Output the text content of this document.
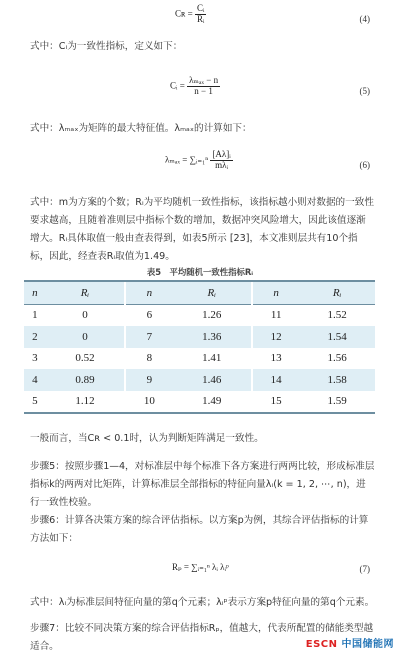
Cʀ = $\frac{\text{Cᵢ}}{\text{Rᵢ}}$	(4)
式中：Cᵢ为一致性指标，定义如下：
Cᵢ = $\frac{\text{λₘₐₓ − n}}{n - 1}$	(5)
式中：λₘₐₓ为矩阵的最大特征值。λₘₐₓ的计算如下：
λₘₐₓ = ∑ᵢ₌₁ⁿ $\frac{\text{[Aλ]ᵢ}}{\text{mλᵢ}}$	(6)
式中：m为方案的个数；Rᵢ为平均随机一致性指标，该指标越小则对数据的一致性要求越高，且随着准则层中指标个数的增加，数据冲突风险增大，因此该值逐渐增大。Rᵢ具体取值一般由查表得到，如表5所示 [23]，本文准则层共有10个指标，因此，经查表Rᵢ取值为1.49。
表5　平均随机一致性指标Rᵢ
n	Rᵢ	n	Rᵢ	n	Rᵢ
1	0	6	1.26	11	1.52
2	0	7	1.36	12	1.54
3	0.52	8	1.41	13	1.56
4	0.89	9	1.46	14	1.58
5	1.12	10	1.49	15	1.59
一般而言，当Cʀ < 0.1时，认为判断矩阵满足一致性。
步骤5：按照步骤1—4，对标准层中每个标准下各方案进行两两比较，形成标准层指标k的两两对比矩阵，计算标准层全部指标的特征向量λᵢ(k = 1, 2, ⋯, n)，进行一致性校验。
步骤6：计算各决策方案的综合评估指标。以方案p为例，其综合评估指标的计算方法如下：
Rₚ = ∑ᵢ₌₁ⁿ λᵢ λᵢᵖ	(7)
式中：λᵢ为标准层间特征向量的第q个元素；λᵢᵖ表示方案p特征向量的第q个元素。
步骤7：比较不同决策方案的综合评估指标Rₚ，值越大，代表所配置的储能类型越适合。	ESCN 中国储能网
